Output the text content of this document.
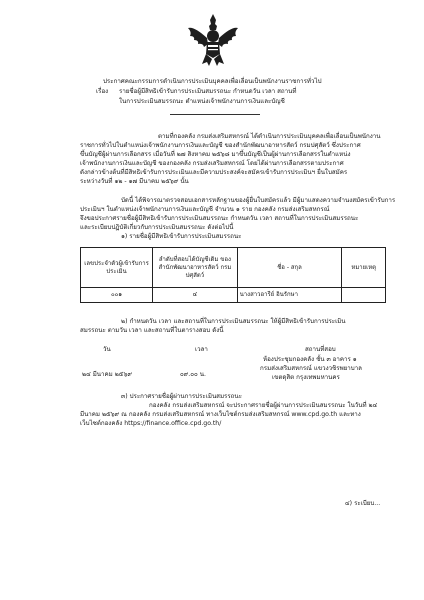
ประกาศคณะกรรมการดำเนินการประเมินบุคคลเพื่อเลื่อนเป็นพนักงานราชการทั่วไป
เรื่อง รายชื่อผู้มีสิทธิเข้ารับการประเมินสมรรถนะ กำหนดวัน เวลา สถานที่
ในการประเมินสมรรถนะ ตำแหน่งเจ้าพนักงานการเงินและบัญชี
ตามที่กองคลัง กรมส่งเสริมสหกรณ์ ได้ดำเนินการประเมินบุคคลเพื่อเลื่อนเป็นพนักงาน
ราชการทั่วไปในตำแหน่งเจ้าพนักงานการเงินและบัญชี ของสำนักพัฒนาอาหารสัตว์ กรมปศุสัตว์ ซึ่งประกาศ
ขึ้นบัญชีผู้ผ่านการเลือกสรร เมื่อวันที่ ๒๗ สิงหาคม ๒๕๖๘ มาขึ้นบัญชีเป็นผู้ผ่านการเลือกสรรในตำแหน่ง
เจ้าพนักงานการเงินและบัญชี ของกองคลัง กรมส่งเสริมสหกรณ์ โดยได้ผ่านการเลือกสรรตามประกาศ
ดังกล่าวข้างต้นที่มีสิทธิเข้ารับการประเมินและมีความประสงค์จะสมัครเข้ารับการประเมินฯ ยื่นใบสมัคร
ระหว่างวันที่ ๑๒ - ๑๗ มีนาคม ๒๕๖๙ นั้น
บัดนี้ ได้พิจารณาตรวจสอบเอกสารหลักฐานของผู้ยื่นใบสมัครแล้ว มีผู้มาแสดงความจำนงสมัครเข้ารับการ
ประเมินฯ ในตำแหน่งเจ้าพนักงานการเงินและบัญชี จำนวน ๑ ราย กองคลัง กรมส่งเสริมสหกรณ์
จึงขอประกาศรายชื่อผู้มีสิทธิเข้ารับการประเมินสมรรถนะ กำหนดวัน เวลา สถานที่ในการประเมินสมรรถนะ
และระเบียบปฏิบัติเกี่ยวกับการประเมินสมรรถนะ ดังต่อไปนี้
๑) รายชื่อผู้มีสิทธิเข้ารับการประเมินสมรรถนะ
เลขประจำตัวผู้เข้ารับการประเมิน	ลำดับที่สอบได้บัญชีเดิม ของสำนักพัฒนาอาหารสัตว์ กรมปศุสัตว์	ชื่อ - สกุล	หมายเหตุ
๐๐๑	๔	นางสาวอารีย์ อินรักษา	
๒) กำหนดวัน เวลา และสถานที่ในการประเมินสมรรถนะ ให้ผู้มีสิทธิเข้ารับการประเมิน
สมรรถนะ ตามวัน เวลา และสถานที่ในตารางสอบ ดังนี้
วัน	เวลา	สถานที่สอบ
๒๔ มีนาคม ๒๕๖๙	๐๙.๐๐ น.
ห้องประชุมกองคลัง ชั้น ๓ อาคาร ๑
กรมส่งเสริมสหกรณ์ แขวงวชิรพยาบาล
เขตดุสิต กรุงเทพมหานคร
๓) ประกาศรายชื่อผู้ผ่านการประเมินสมรรถนะ
กองคลัง กรมส่งเสริมสหกรณ์ จะประกาศรายชื่อผู้ผ่านการประเมินสมรรถนะ ในวันที่ ๒๔
มีนาคม ๒๕๖๙ ณ กองคลัง กรมส่งเสริมสหกรณ์ ทางเว็บไซต์กรมส่งเสริมสหกรณ์ www.cpd.go.th และทาง
เว็บไซต์กองคลัง https://finance.office.cpd.go.th/
๔) ระเบียบ...
